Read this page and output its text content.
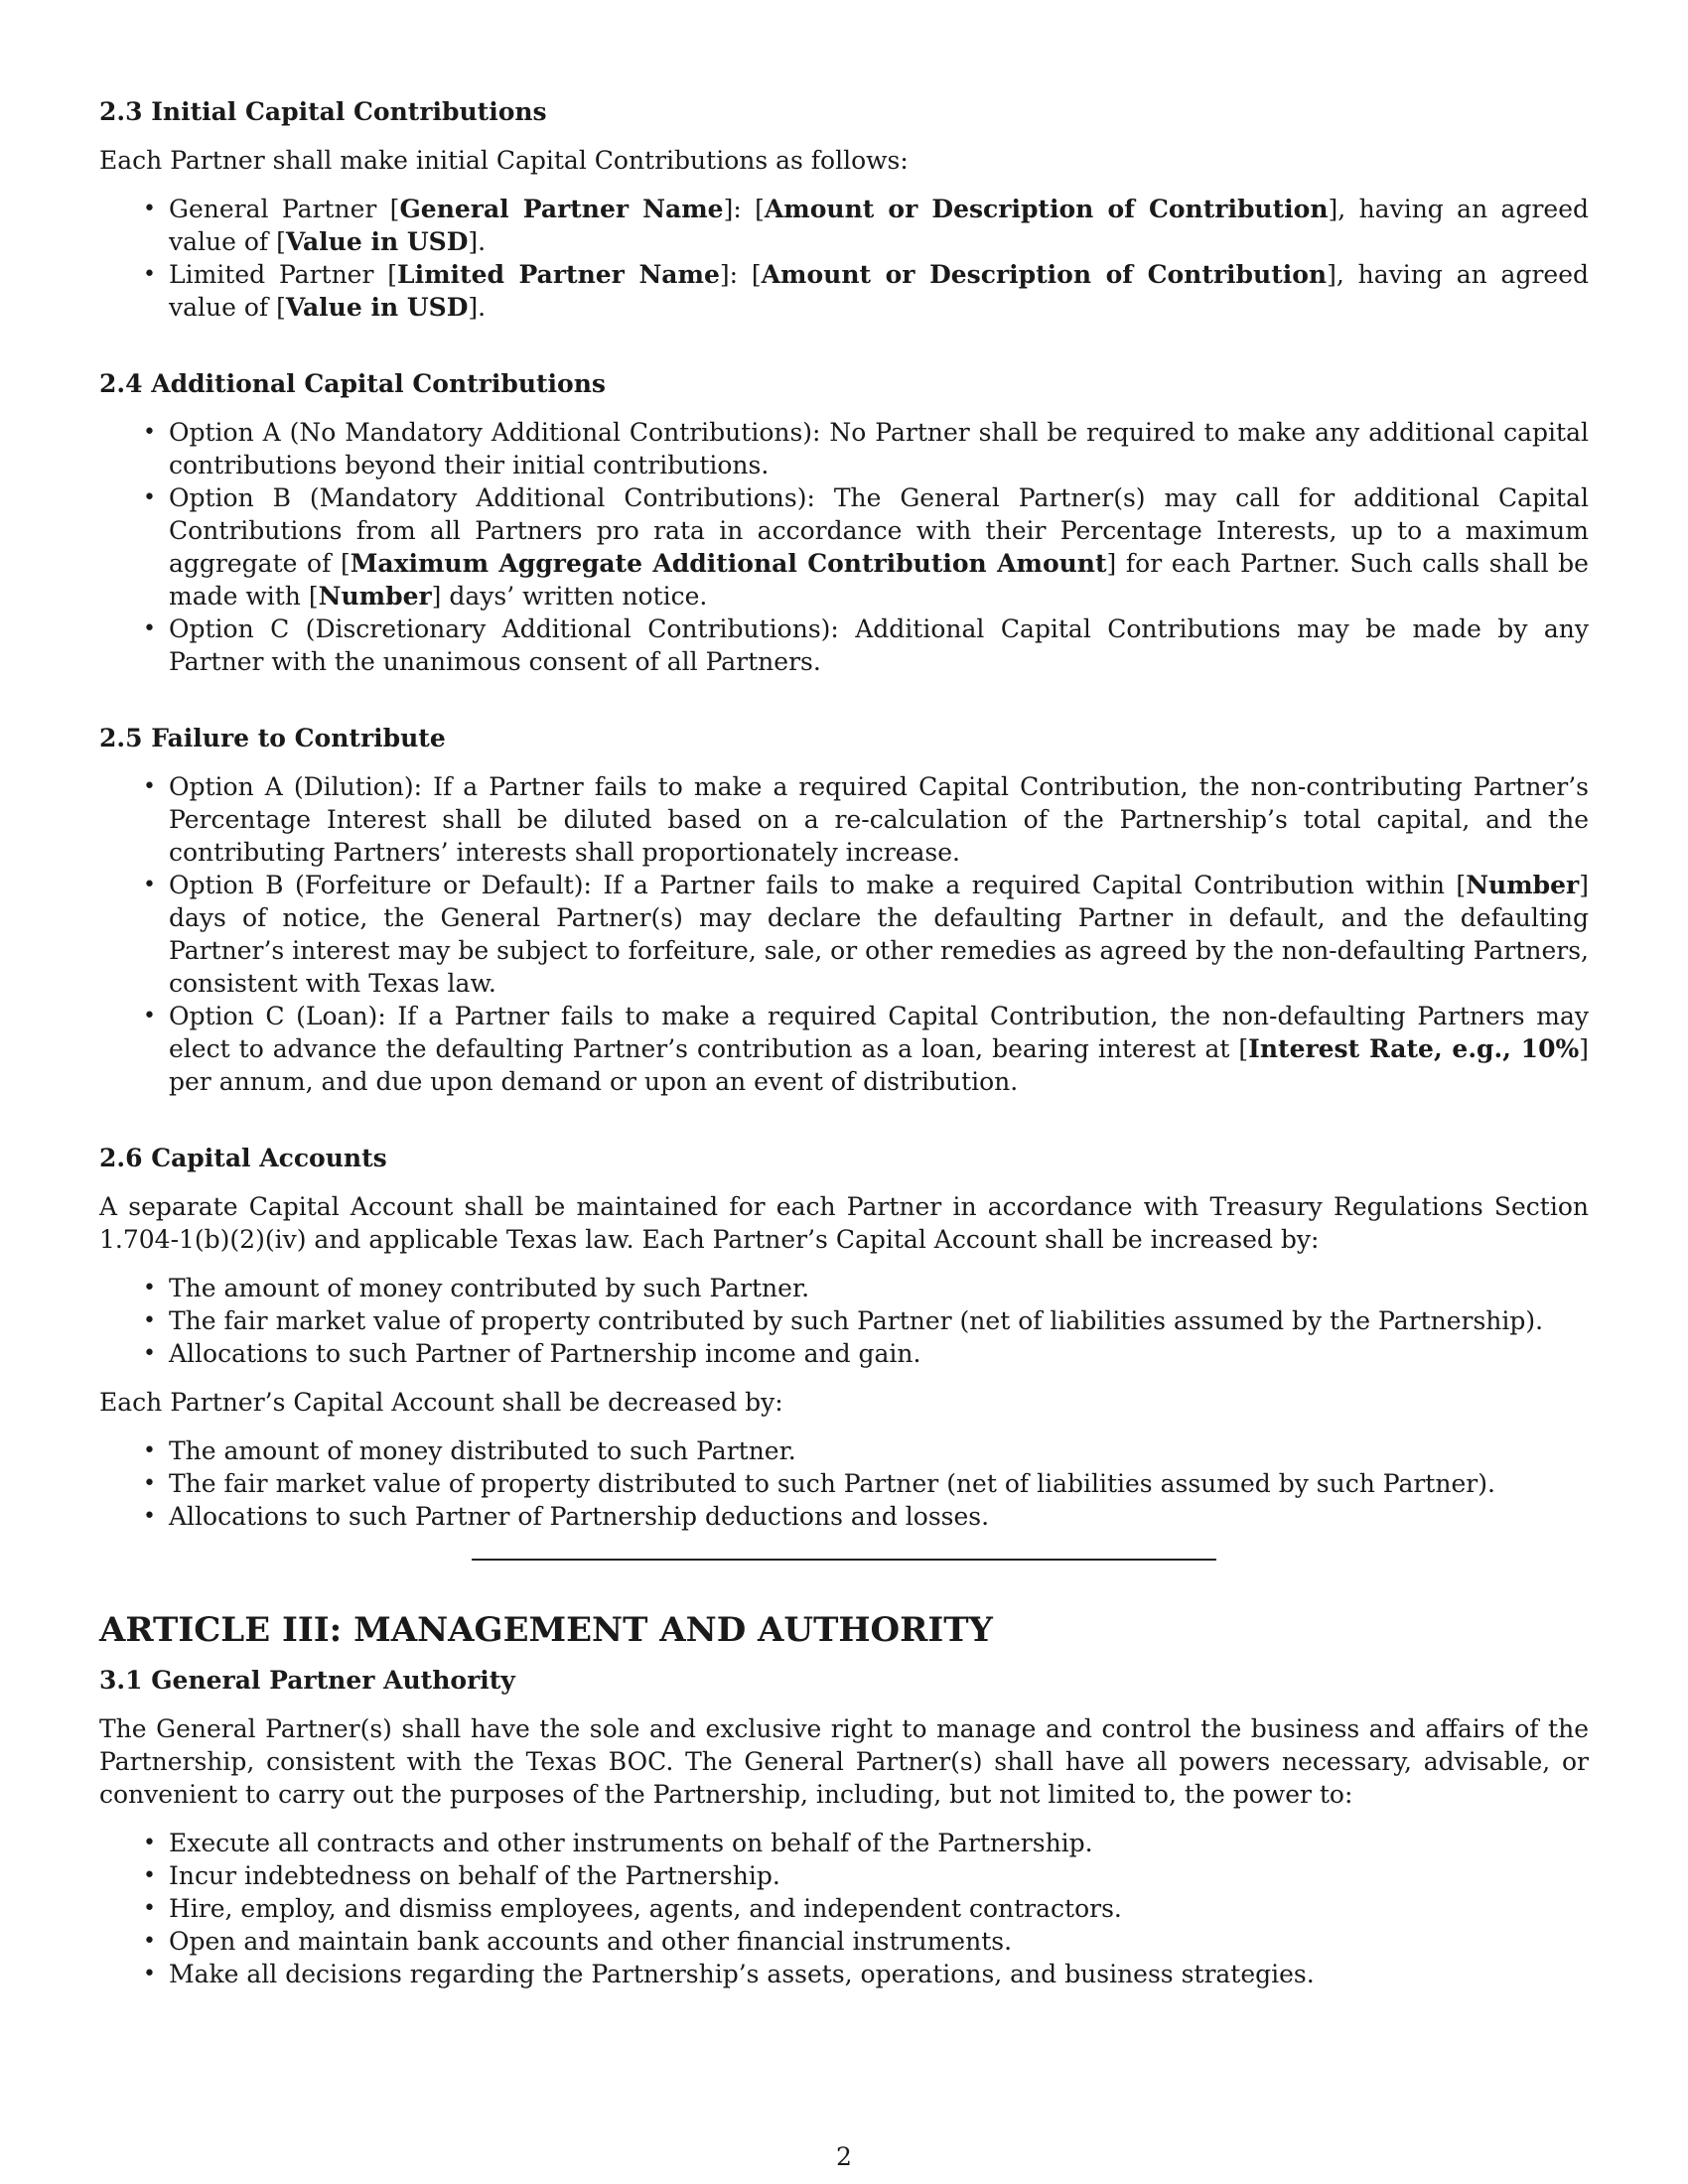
2.3 Initial Capital Contributions

Each Partner shall make initial Capital Contributions as follows:

• General Partner [General Partner Name]: [Amount or Description of Contribution], having an agreed value of [Value in USD].
• Limited Partner [Limited Partner Name]: [Amount or Description of Contribution], having an agreed value of [Value in USD].
2.4 Additional Capital Contributions
• Option A (No Mandatory Additional Contributions): No Partner shall be required to make any additional capital contributions beyond their initial contributions.
• Option B (Mandatory Additional Contributions): The General Partner(s) may call for additional Capital Contributions from all Partners pro rata in accordance with their Percentage Interests, up to a maximum aggregate of [Maximum Aggregate Additional Contribution Amount] for each Partner. Such calls shall be made with [Number] days’ written notice.
• Option C (Discretionary Additional Contributions): Additional Capital Contributions may be made by any Partner with the unanimous consent of all Partners.
2.5 Failure to Contribute
• Option A (Dilution): If a Partner fails to make a required Capital Contribution, the non-contributing Partner’s Percentage Interest shall be diluted based on a re-calculation of the Partnership’s total capital, and the contributing Partners’ interests shall proportionately increase.
• Option B (Forfeiture or Default): If a Partner fails to make a required Capital Contribution within [Number] days of notice, the General Partner(s) may declare the defaulting Partner in default, and the defaulting Partner’s interest may be subject to forfeiture, sale, or other remedies as agreed by the non-defaulting Partners, consistent with Texas law.
• Option C (Loan): If a Partner fails to make a required Capital Contribution, the non-defaulting Partners may elect to advance the defaulting Partner’s contribution as a loan, bearing interest at [Interest Rate, e.g., 10%] per annum, and due upon demand or upon an event of distribution.
2.6 Capital Accounts

A separate Capital Account shall be maintained for each Partner in accordance with Treasury Regulations Section 1.704-1(b)(2)(iv) and applicable Texas law. Each Partner’s Capital Account shall be increased by:

• The amount of money contributed by such Partner.
• The fair market value of property contributed by such Partner (net of liabilities assumed by the Partnership).
• Allocations to such Partner of Partnership income and gain.

Each Partner’s Capital Account shall be decreased by:

• The amount of money distributed to such Partner.
• The fair market value of property distributed to such Partner (net of liabilities assumed by such Partner).
• Allocations to such Partner of Partnership deductions and losses.
ARTICLE III: MANAGEMENT AND AUTHORITY
3.1 General Partner Authority

The General Partner(s) shall have the sole and exclusive right to manage and control the business and affairs of the Partnership, consistent with the Texas BOC. The General Partner(s) shall have all powers necessary, advisable, or convenient to carry out the purposes of the Partnership, including, but not limited to, the power to:

• Execute all contracts and other instruments on behalf of the Partnership.
• Incur indebtedness on behalf of the Partnership.
• Hire, employ, and dismiss employees, agents, and independent contractors.
• Open and maintain bank accounts and other financial instruments.
• Make all decisions regarding the Partnership’s assets, operations, and business strategies.
2
